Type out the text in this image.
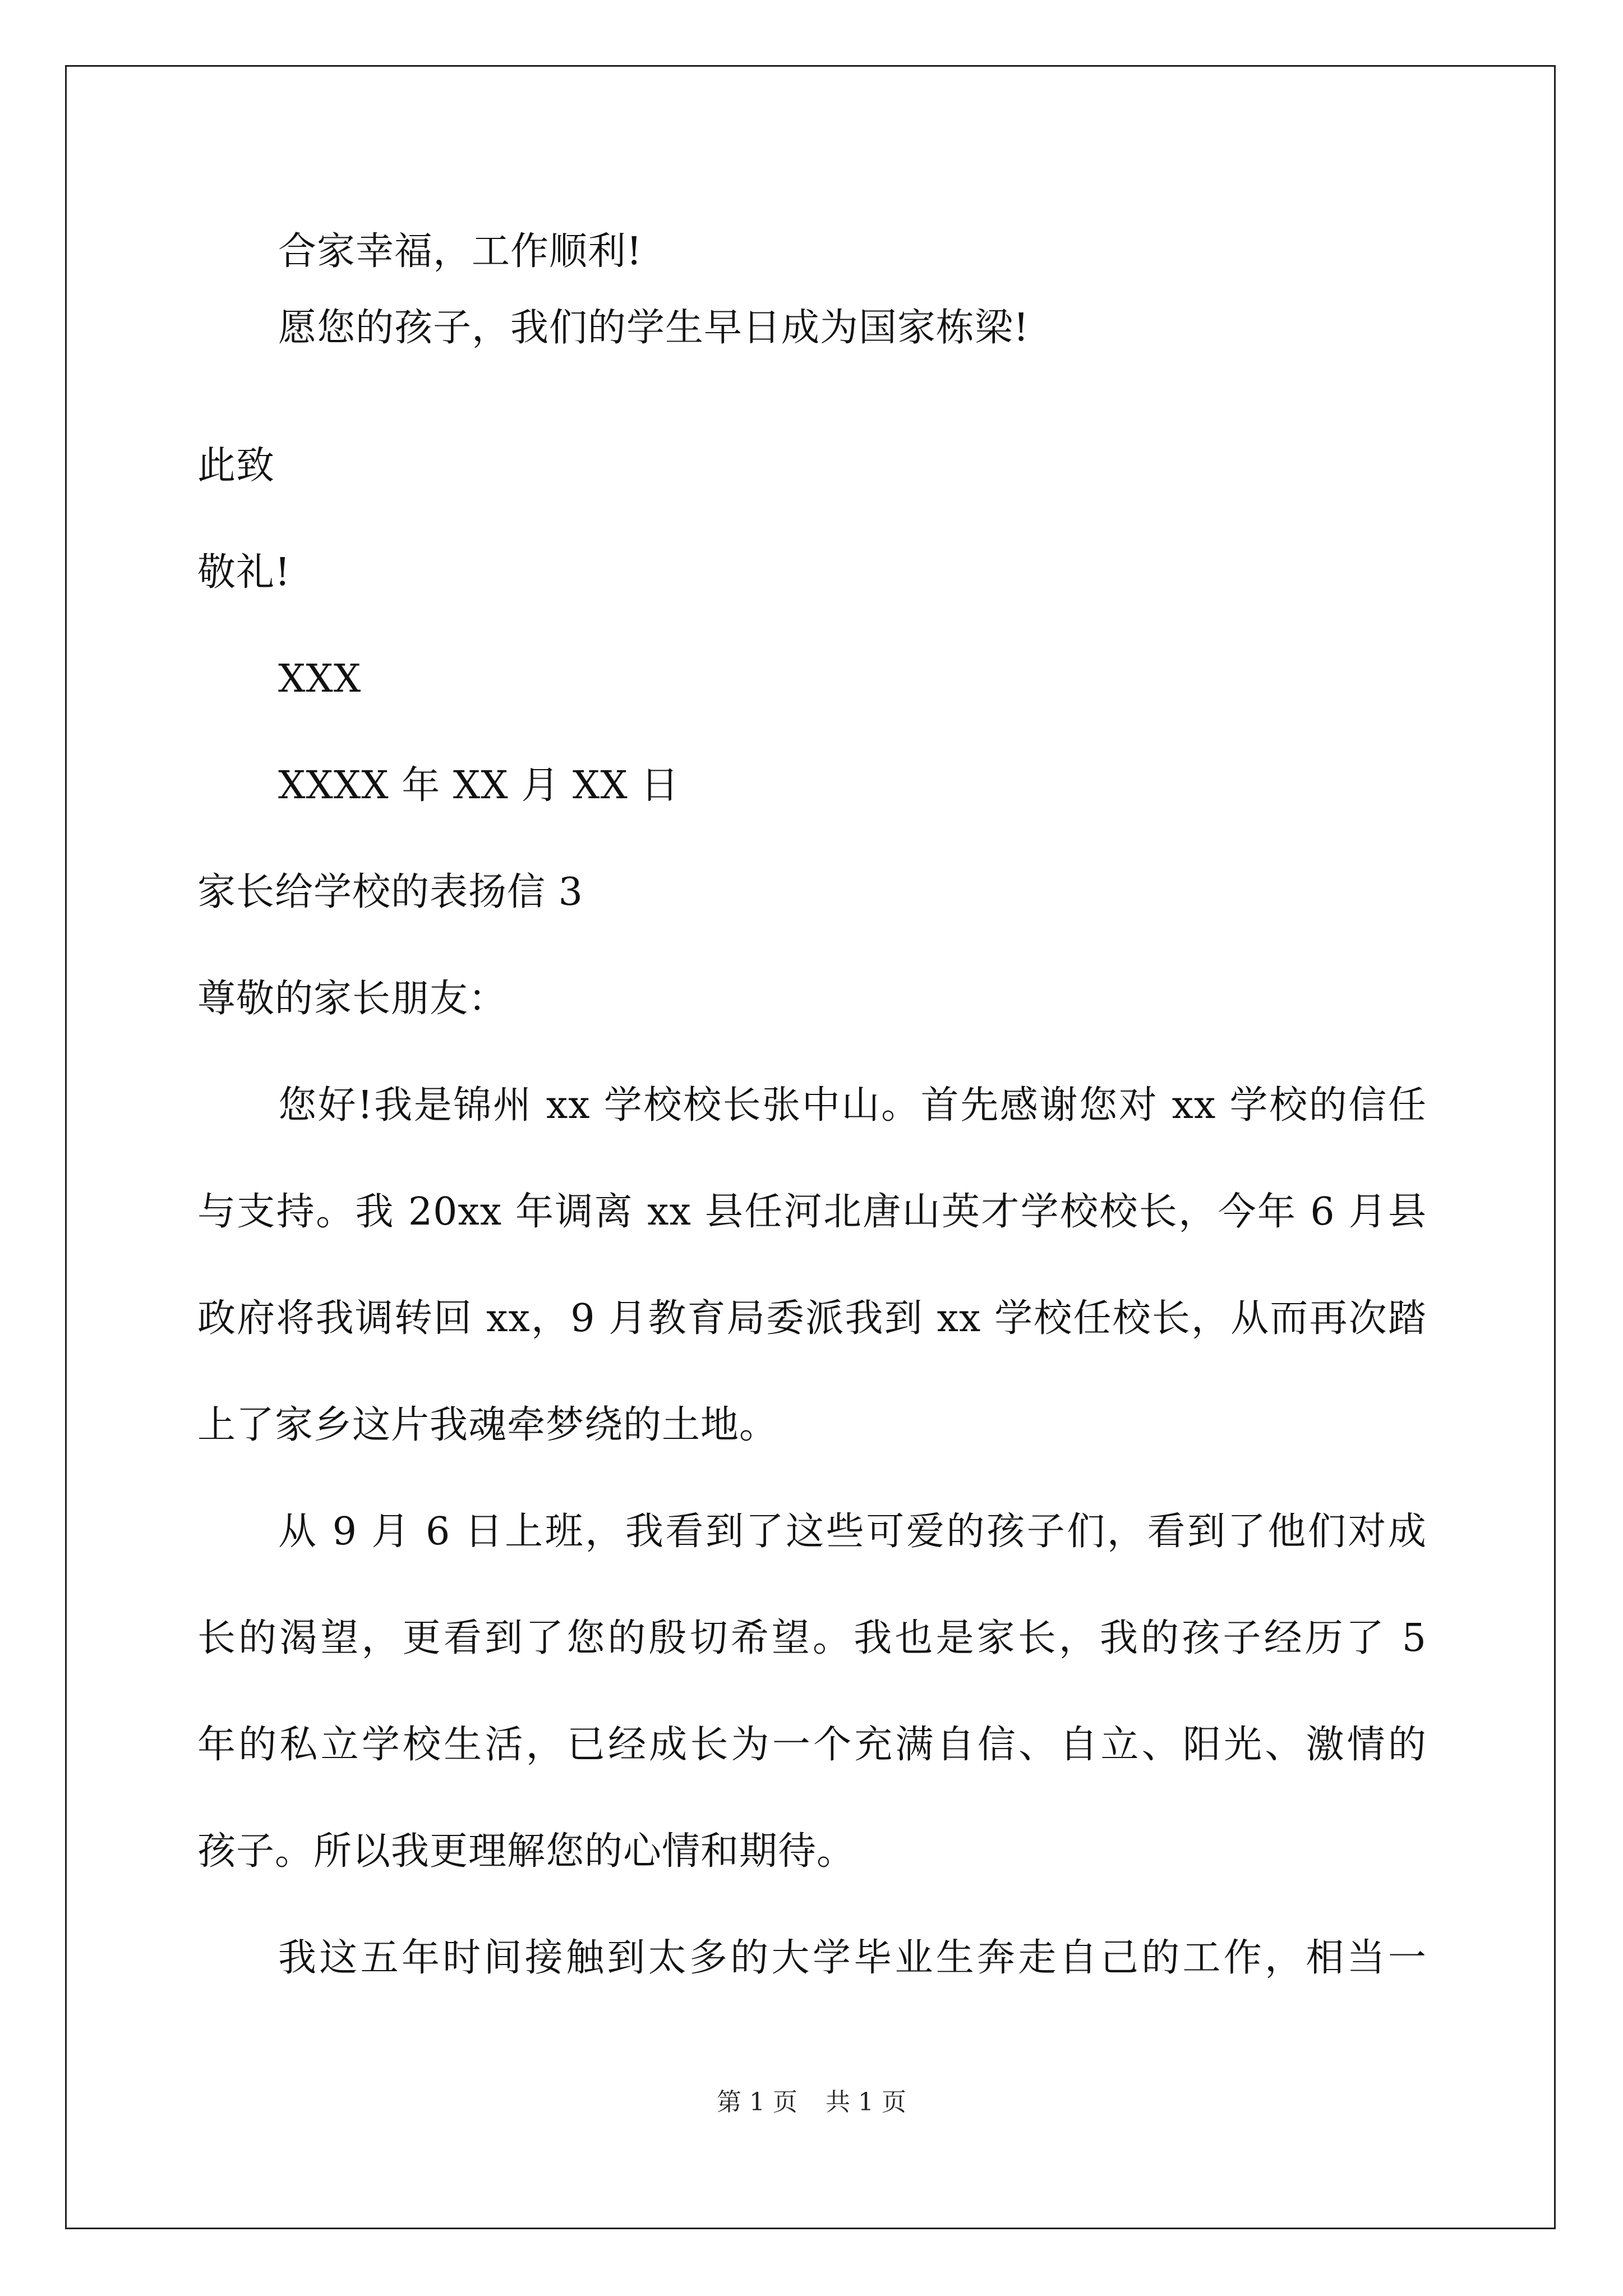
合家幸福，工作顺利!
愿您的孩子，我们的学生早日成为国家栋梁!
此致
敬礼!
XXX
XXXX 年 XX 月 XX 日
家长给学校的表扬信 3
尊敬的家长朋友：
您好!我是锦州 xx 学校校长张中山。首先感谢您对 xx 学校的信任
与支持。我 20xx 年调离 xx 县任河北唐山英才学校校长，今年 6 月县
政府将我调转回 xx，9 月教育局委派我到 xx 学校任校长，从而再次踏
上了家乡这片我魂牵梦绕的土地。
从 9 月 6 日上班，我看到了这些可爱的孩子们，看到了他们对成
长的渴望，更看到了您的殷切希望。我也是家长，我的孩子经历了 5
年的私立学校生活，已经成长为一个充满自信、自立、阳光、激情的
孩子。所以我更理解您的心情和期待。
我这五年时间接触到太多的大学毕业生奔走自己的工作，相当一
第 1 页 共 1 页
